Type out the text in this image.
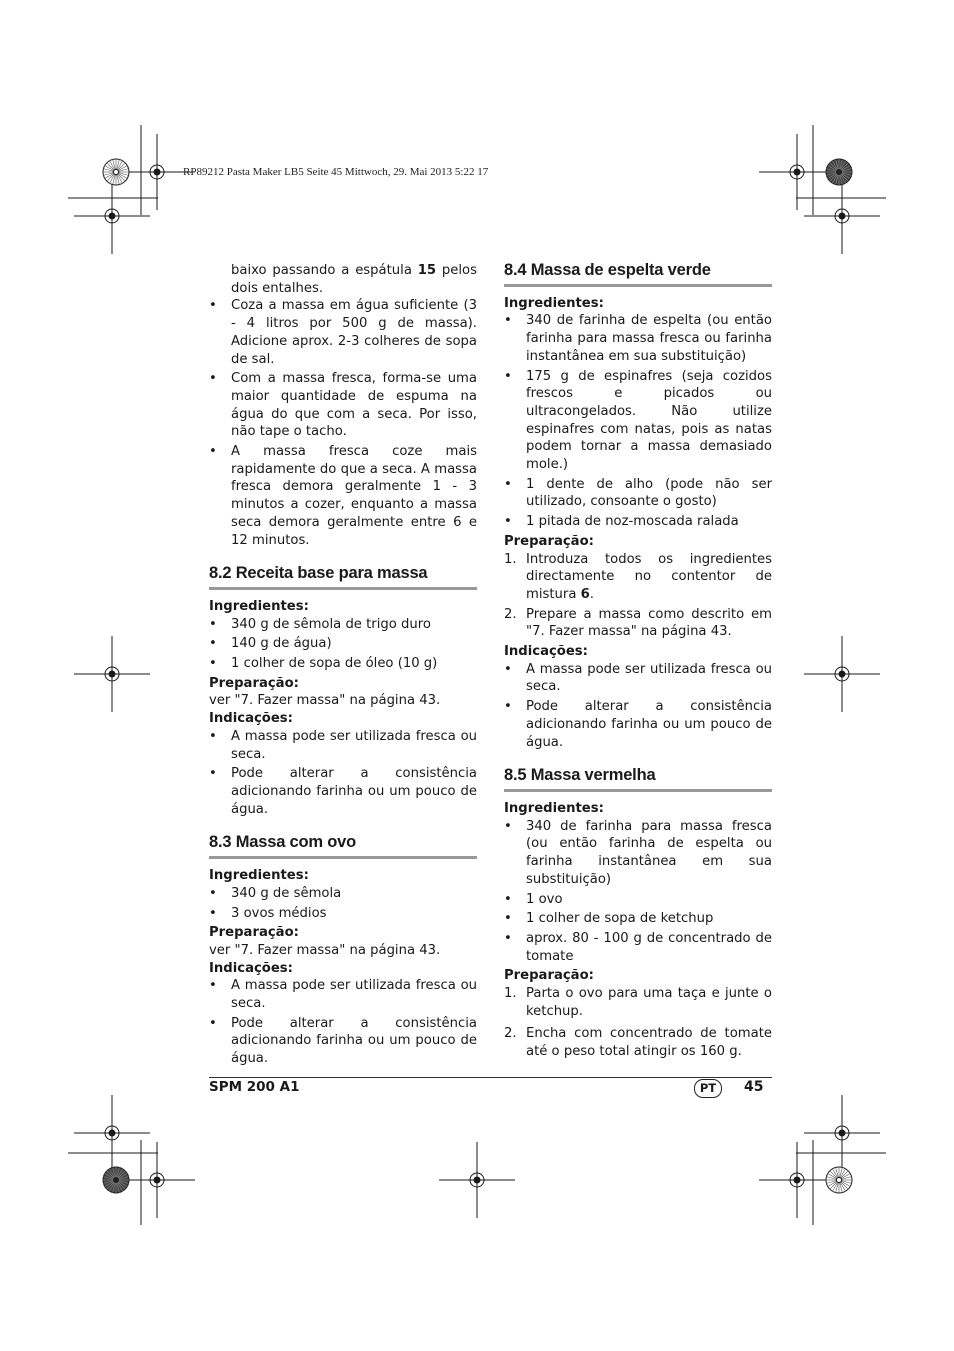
RP89212 Pasta Maker LB5 Seite 45 Mittwoch, 29. Mai 2013 5:22 17

baixo passando a espátula 15 pelos dois entalhes.

• Coza a massa em água suficiente (3 - 4 litros por 500 g de massa). Adicione aprox. 2-3 colheres de sopa de sal.
• Com a massa fresca, forma-se uma maior quantidade de espuma na água do que com a seca. Por isso, não tape o tacho.
• A massa fresca coze mais rapidamente do que a seca. A massa fresca demora geralmente 1 - 3 minutos a cozer, enquanto a massa seca demora geralmente entre 6 e 12 minutos.
8.2 Receita base para massa

Ingredientes:

• 340 g de sêmola de trigo duro
• 140 g de água)
• 1 colher de sopa de óleo (10 g)

Preparação:

ver "7. Fazer massa" na página 43.

Indicações:

• A massa pode ser utilizada fresca ou seca.
• Pode alterar a consistência adicionando farinha ou um pouco de água.
8.3 Massa com ovo

Ingredientes:

• 340 g de sêmola
• 3 ovos médios

Preparação:

ver "7. Fazer massa" na página 43.

Indicações:

• A massa pode ser utilizada fresca ou seca.
• Pode alterar a consistência adicionando farinha ou um pouco de água.
8.4 Massa de espelta verde

Ingredientes:

• 340 de farinha de espelta (ou então farinha para massa fresca ou farinha instantânea em sua substituição)
• 175 g de espinafres (seja cozidos frescos e picados ou ultracongelados. Não utilize espinafres com natas, pois as natas podem tornar a massa demasiado mole.)
• 1 dente de alho (pode não ser utilizado, consoante o gosto)
• 1 pitada de noz-moscada ralada

Preparação:

1. Introduza todos os ingredientes directamente no contentor de mistura 6.
2. Prepare a massa como descrito em "7. Fazer massa" na página 43.

Indicações:

• A massa pode ser utilizada fresca ou seca.
• Pode alterar a consistência adicionando farinha ou um pouco de água.
8.5 Massa vermelha

Ingredientes:

• 340 de farinha para massa fresca (ou então farinha de espelta ou farinha instantânea em sua substituição)
• 1 ovo
• 1 colher de sopa de ketchup
• aprox. 80 - 100 g de concentrado de tomate

Preparação:

1. Parta o ovo para uma taça e junte o ketchup.
2. Encha com concentrado de tomate até o peso total atingir os 160 g.
SPM 200 A1	PT	45
